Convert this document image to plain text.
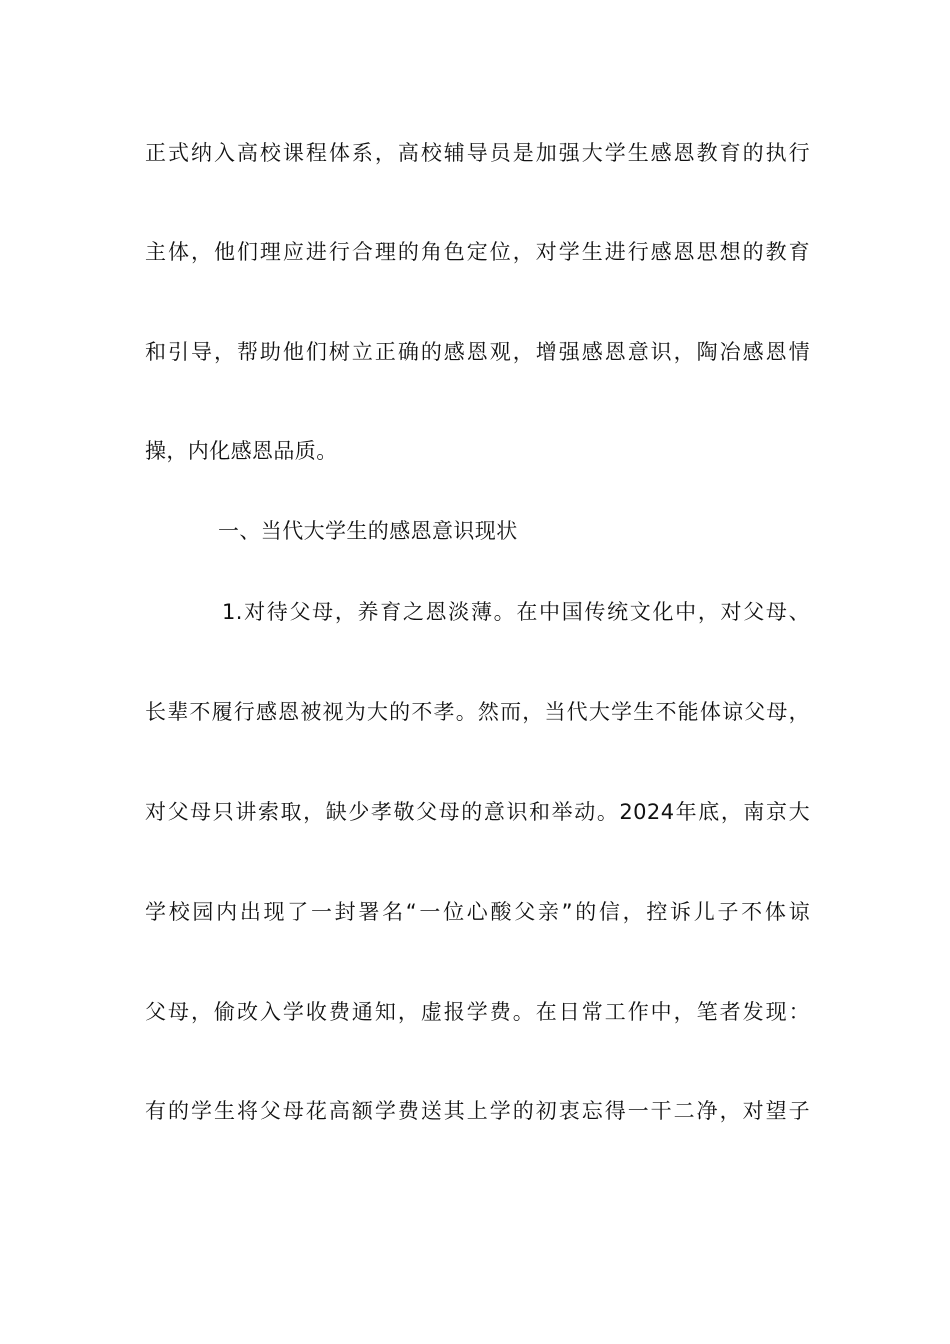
正式纳入高校课程体系，高校辅导员是加强大学生感恩教育的执行
主体，他们理应进行合理的角色定位，对学生进行感恩思想的教育
和引导，帮助他们树立正确的感恩观，增强感恩意识，陶冶感恩情
操，内化感恩品质。
一、当代大学生的感恩意识现状
1.对待父母，养育之恩淡薄。在中国传统文化中，对父母、
长辈不履行感恩被视为大的不孝。然而，当代大学生不能体谅父母，
对父母只讲索取，缺少孝敬父母的意识和举动。2024年底，南京大
学校园内出现了一封署名“一位心酸父亲”的信，控诉儿子不体谅
父母，偷改入学收费通知，虚报学费。在日常工作中，笔者发现：
有的学生将父母花高额学费送其上学的初衷忘得一干二净，对望子
